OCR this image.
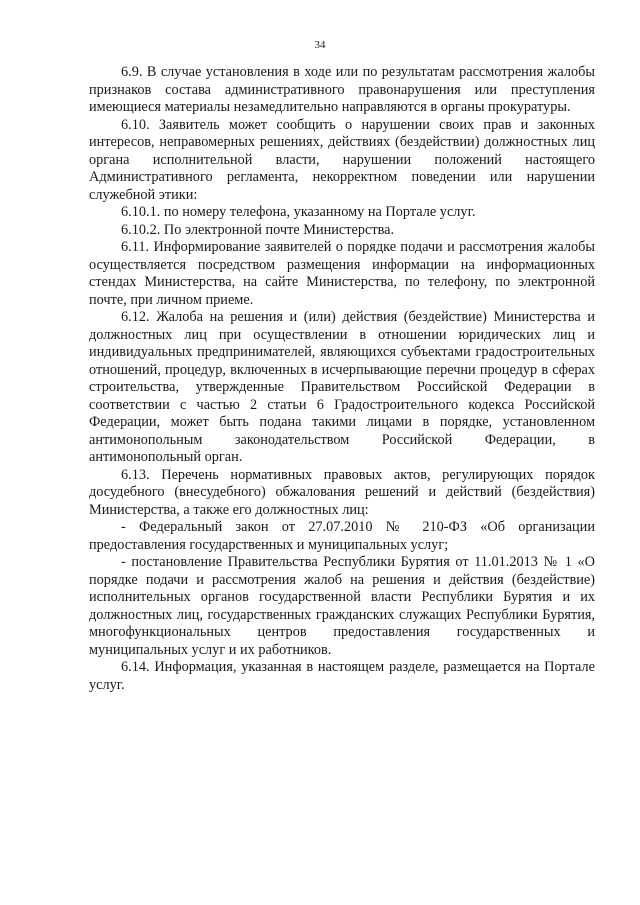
34

6.9. В случае установления в ходе или по результатам рассмотрения жалобы признаков состава административного правонарушения или преступления имеющиеся материалы незамедлительно направляются в органы прокуратуры.

6.10. Заявитель может сообщить о нарушении своих прав и законных интересов, неправомерных решениях, действиях (бездействии) должностных лиц органа исполнительной власти, нарушении положений настоящего Административного регламента, некорректном поведении или нарушении служебной этики:

6.10.1. по номеру телефона, указанному на Портале услуг.

6.10.2. По электронной почте Министерства.

6.11. Информирование заявителей о порядке подачи и рассмотрения жалобы осуществляется посредством размещения информации на информационных стендах Министерства, на сайте Министерства, по телефону, по электронной почте, при личном приеме.

6.12. Жалоба на решения и (или) действия (бездействие) Министерства и должностных лиц при осуществлении в отношении юридических лиц и индивидуальных предпринимателей, являющихся субъектами градостроительных отношений, процедур, включенных в исчерпывающие перечни процедур в сферах строительства, утвержденные Правительством Российской Федерации в соответствии с частью 2 статьи 6 Градостроительного кодекса Российской Федерации, может быть подана такими лицами в порядке, установленном антимонопольным законодательством Российской Федерации, в антимонопольный орган.

6.13. Перечень нормативных правовых актов, регулирующих порядок досудебного (внесудебного) обжалования решений и действий (бездействия) Министерства, а также его должностных лиц:

- Федеральный закон от 27.07.2010 № 210-ФЗ «Об организации предоставления государственных и муниципальных услуг;

- постановление Правительства Республики Бурятия от 11.01.2013 № 1 «О порядке подачи и рассмотрения жалоб на решения и действия (бездействие) исполнительных органов государственной власти Республики Бурятия и их должностных лиц, государственных гражданских служащих Республики Бурятия, многофункциональных центров предоставления государственных и муниципальных услуг и их работников.

6.14. Информация, указанная в настоящем разделе, размещается на Портале услуг.
